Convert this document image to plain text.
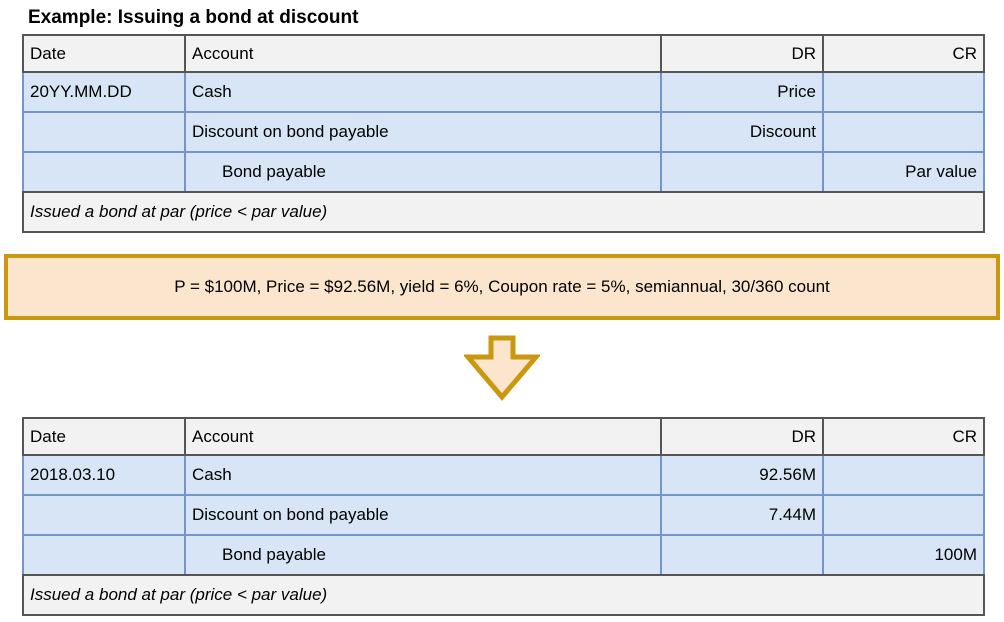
Example: Issuing a bond at discount
Date	Account	DR	CR
20YY.MM.DD	Cash	Price	
	Discount on bond payable	Discount	
	Bond payable		Par value
Issued a bond at par (price < par value)			
P = $100M, Price = $92.56M, yield = 6%, Coupon rate = 5%, semiannual, 30/360 count
Date	Account	DR	CR
2018.03.10	Cash	92.56M	
	Discount on bond payable	7.44M	
	Bond payable		100M
Issued a bond at par (price < par value)			
